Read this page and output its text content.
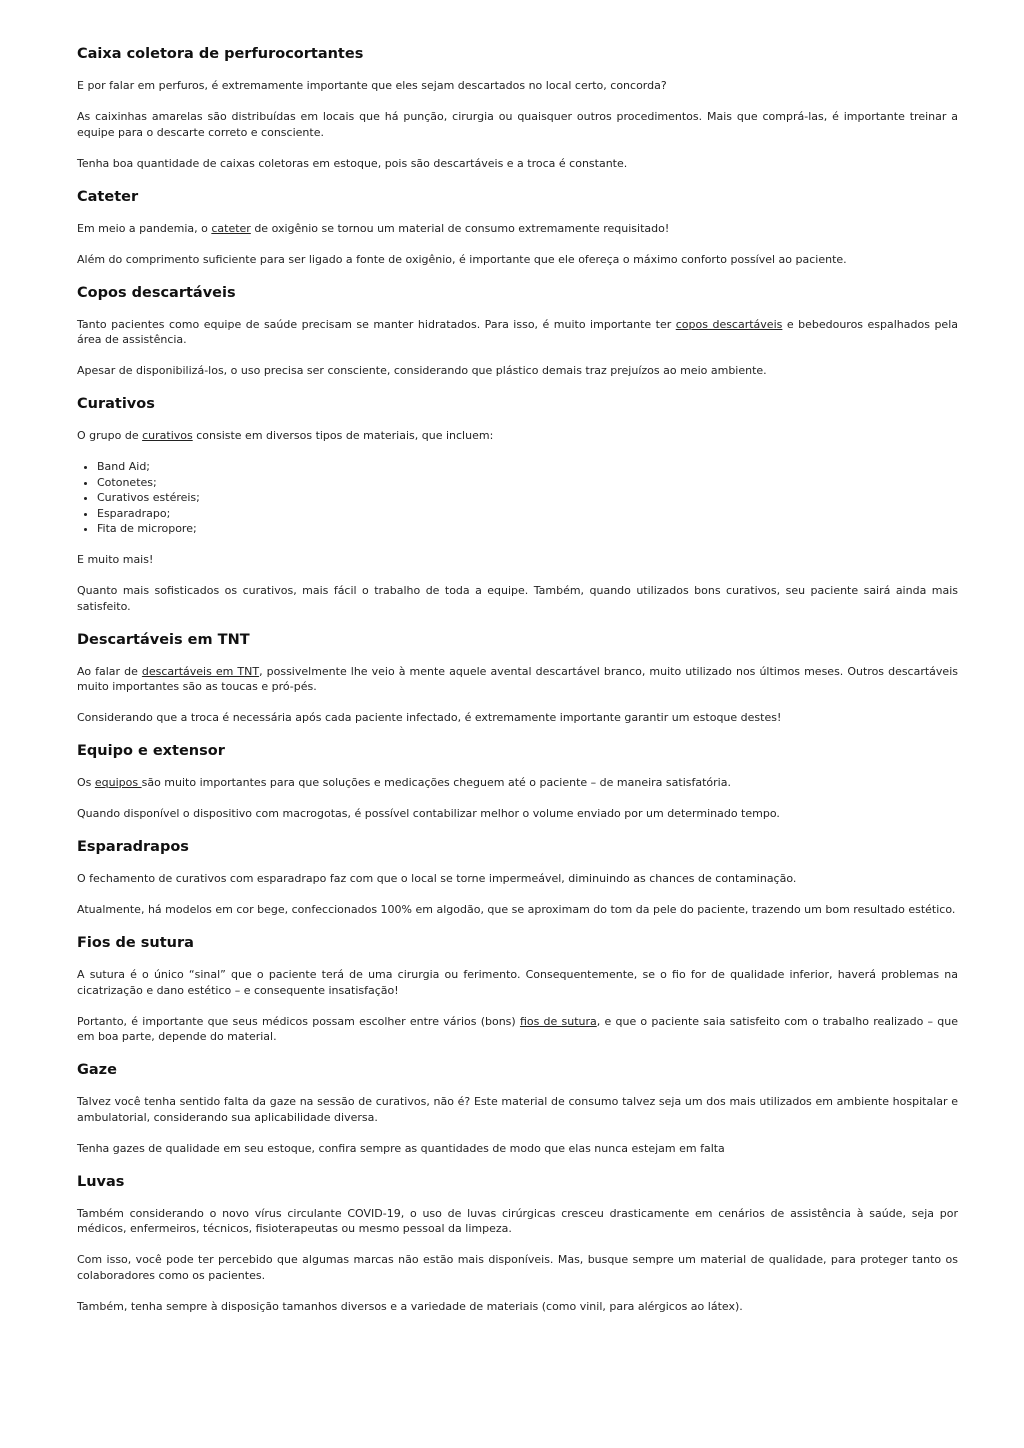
Caixa coletora de perfurocortantes

E por falar em perfuros, é extremamente importante que eles sejam descartados no local certo, concorda?

As caixinhas amarelas são distribuídas em locais que há punção, cirurgia ou quaisquer outros procedimentos. Mais que comprá-las, é importante treinar a equipe para o descarte correto e consciente.

Tenha boa quantidade de caixas coletoras em estoque, pois são descartáveis e a troca é constante.

Cateter

Em meio a pandemia, o cateter de oxigênio se tornou um material de consumo extremamente requisitado!

Além do comprimento suficiente para ser ligado a fonte de oxigênio, é importante que ele ofereça o máximo conforto possível ao paciente.

Copos descartáveis

Tanto pacientes como equipe de saúde precisam se manter hidratados. Para isso, é muito importante ter copos descartáveis e bebedouros espalhados pela área de assistência.

Apesar de disponibilizá-los, o uso precisa ser consciente, considerando que plástico demais traz prejuízos ao meio ambiente.

Curativos

O grupo de curativos consiste em diversos tipos de materiais, que incluem:

• Band Aid;
• Cotonetes;
• Curativos estéreis;
• Esparadrapo;
• Fita de micropore;

E muito mais!

Quanto mais sofisticados os curativos, mais fácil o trabalho de toda a equipe. Também, quando utilizados bons curativos, seu paciente sairá ainda mais satisfeito.

Descartáveis em TNT

Ao falar de descartáveis em TNT, possivelmente lhe veio à mente aquele avental descartável branco, muito utilizado nos últimos meses. Outros descartáveis muito importantes são as toucas e pró-pés.

Considerando que a troca é necessária após cada paciente infectado, é extremamente importante garantir um estoque destes!

Equipo e extensor

Os equipos são muito importantes para que soluções e medicações cheguem até o paciente – de maneira satisfatória.

Quando disponível o dispositivo com macrogotas, é possível contabilizar melhor o volume enviado por um determinado tempo.

Esparadrapos

O fechamento de curativos com esparadrapo faz com que o local se torne impermeável, diminuindo as chances de contaminação.

Atualmente, há modelos em cor bege, confeccionados 100% em algodão, que se aproximam do tom da pele do paciente, trazendo um bom resultado estético.

Fios de sutura

A sutura é o único “sinal” que o paciente terá de uma cirurgia ou ferimento. Consequentemente, se o fio for de qualidade inferior, haverá problemas na cicatrização e dano estético – e consequente insatisfação!

Portanto, é importante que seus médicos possam escolher entre vários (bons) fios de sutura, e que o paciente saia satisfeito com o trabalho realizado – que em boa parte, depende do material.

Gaze

Talvez você tenha sentido falta da gaze na sessão de curativos, não é? Este material de consumo talvez seja um dos mais utilizados em ambiente hospitalar e ambulatorial, considerando sua aplicabilidade diversa.

Tenha gazes de qualidade em seu estoque, confira sempre as quantidades de modo que elas nunca estejam em falta

Luvas

Também considerando o novo vírus circulante COVID-19, o uso de luvas cirúrgicas cresceu drasticamente em cenários de assistência à saúde, seja por médicos, enfermeiros, técnicos, fisioterapeutas ou mesmo pessoal da limpeza.

Com isso, você pode ter percebido que algumas marcas não estão mais disponíveis. Mas, busque sempre um material de qualidade, para proteger tanto os colaboradores como os pacientes.

Também, tenha sempre à disposição tamanhos diversos e a variedade de materiais (como vinil, para alérgicos ao látex).
